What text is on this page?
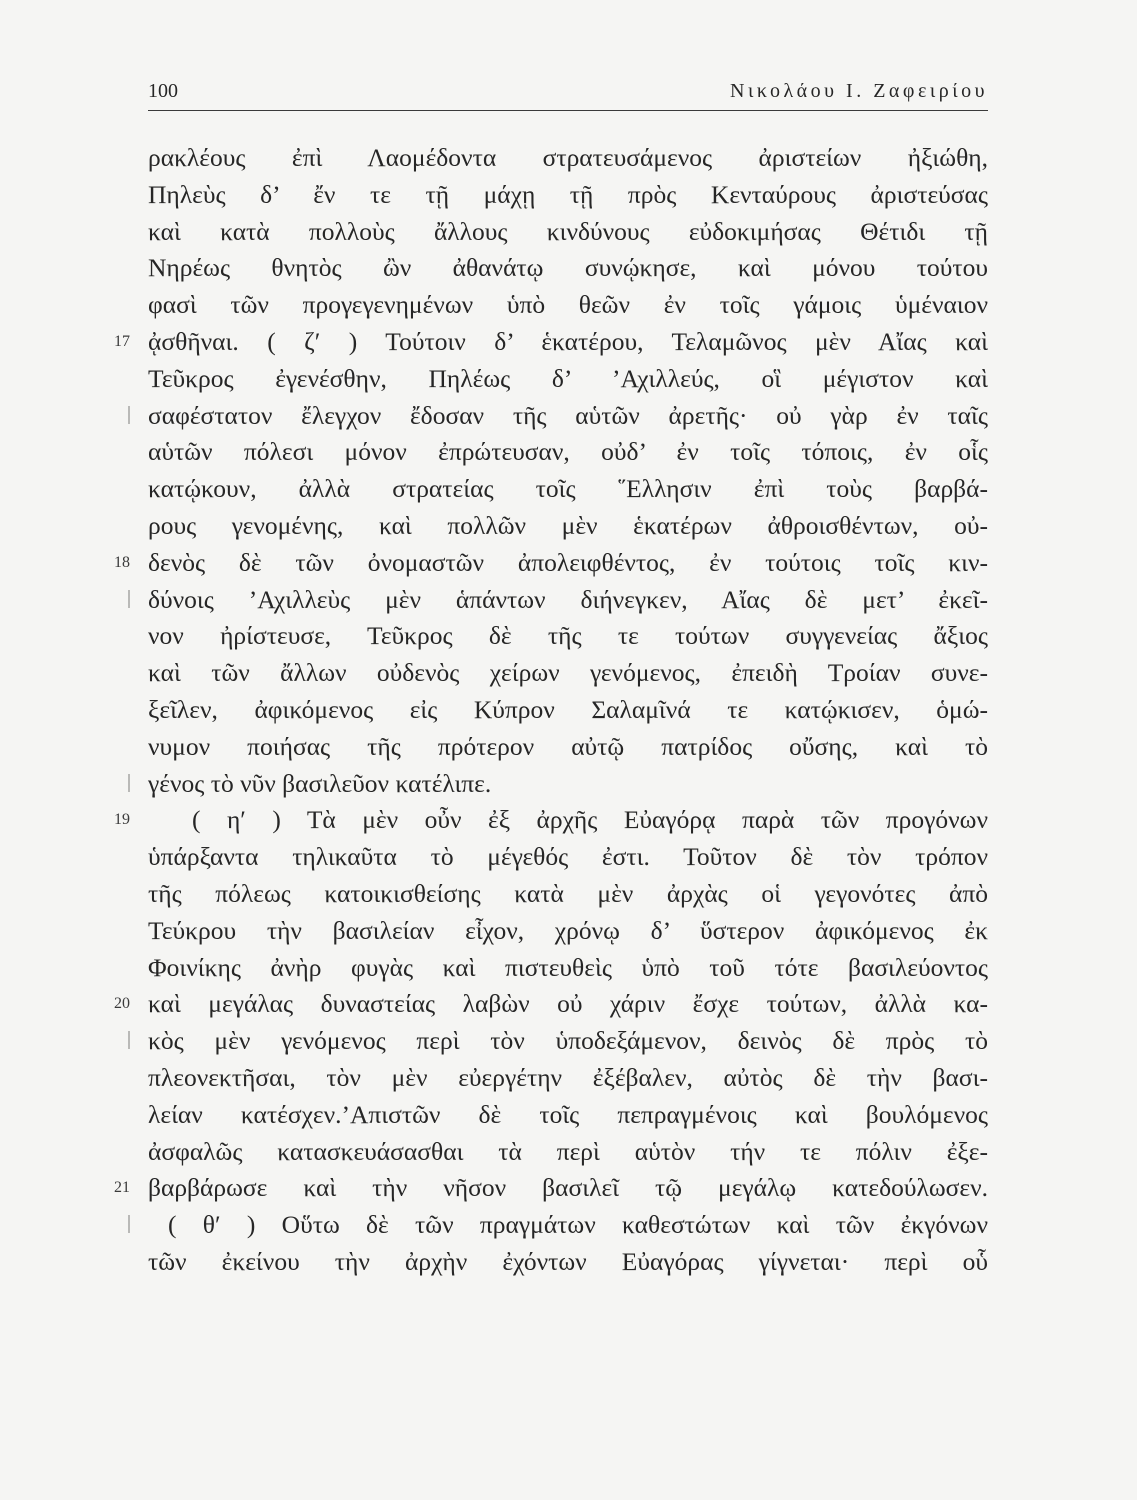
100	Νικολάου Ι. Ζαφειρίου
ρακλέους ἐπὶ Λαομέδοντα στρατευσάμενος ἀριστείων ἠξιώθη,
Πηλεὺς δ’ ἔν τε τῇ μάχῃ τῇ πρὸς Κενταύρους ἀριστεύσας
καὶ κατὰ πολλοὺς ἄλλους κινδύνους εὐδοκιμήσας Θέτιδι τῇ
Νηρέως θνητὸς ὢν ἀθανάτῳ συνῴκησε, καὶ μόνου τούτου
φασὶ τῶν προγεγενημένων ὑπὸ θεῶν ἐν τοῖς γάμοις ὑμέναιον
17 ᾀσθῆναι. ( ζ′ ) Τούτοιν δ’ ἑκατέρου, Τελαμῶνος μὲν Αἴας καὶ
Τεῦκρος ἐγενέσθην, Πηλέως δ’ ’Αχιλλεύς, οἳ μέγιστον καὶ
σαφέστατον ἔλεγχον ἔδοσαν τῆς αὑτῶν ἀρετῆς· οὐ γὰρ ἐν ταῖς
αὑτῶν πόλεσι μόνον ἐπρώτευσαν, οὐδ’ ἐν τοῖς τόποις, ἐν οἷς
κατῴκουν, ἀλλὰ στρατείας τοῖς ῞Ελλησιν ἐπὶ τοὺς βαρβά-
ρους γενομένης, καὶ πολλῶν μὲν ἑκατέρων ἀθροισθέντων, οὐ-
18 δενὸς δὲ τῶν ὀνομαστῶν ἀπολειφθέντος, ἐν τούτοις τοῖς κιν-
δύνοις ’Αχιλλεὺς μὲν ἁπάντων διήνεγκεν, Αἴας δὲ μετ’ ἐκεῖ-
νον ἠρίστευσε, Τεῦκρος δὲ τῆς τε τούτων συγγενείας ἄξιος
καὶ τῶν ἄλλων οὐδενὸς χείρων γενόμενος, ἐπειδὴ Τροίαν συνε-
ξεῖλεν, ἀφικόμενος εἰς Κύπρον Σαλαμῖνά τε κατῴκισεν, ὁμώ-
νυμον ποιήσας τῆς πρότερον αὐτῷ πατρίδος οὔσης, καὶ τὸ
γένος τὸ νῦν βασιλεῦον κατέλιπε.
19 ( η′ ) Τὰ μὲν οὖν ἐξ ἀρχῆς Εὐαγόρᾳ παρὰ τῶν προγόνων
ὑπάρξαντα τηλικαῦτα τὸ μέγεθός ἐστι. Τοῦτον δὲ τὸν τρόπον
τῆς πόλεως κατοικισθείσης κατὰ μὲν ἀρχὰς οἱ γεγονότες ἀπὸ
Τεύκρου τὴν βασιλείαν εἶχον, χρόνῳ δ’ ὕστερον ἀφικόμενος ἐκ
Φοινίκης ἀνὴρ φυγὰς καὶ πιστευθεὶς ὑπὸ τοῦ τότε βασιλεύοντος
20 καὶ μεγάλας δυναστείας λαβὼν οὐ χάριν ἔσχε τούτων, ἀλλὰ κα-
κὸς μὲν γενόμενος περὶ τὸν ὑποδεξάμενον, δεινὸς δὲ πρὸς τὸ
πλεονεκτῆσαι, τὸν μὲν εὐεργέτην ἐξέβαλεν, αὐτὸς δὲ τὴν βασι-
λείαν κατέσχεν.’Απιστῶν δὲ τοῖς πεπραγμένοις καὶ βουλόμενος
ἀσφαλῶς κατασκευάσασθαι τὰ περὶ αὑτὸν τήν τε πόλιν ἐξε-
21 βαρβάρωσε καὶ τὴν νῆσον βασιλεῖ τῷ μεγάλῳ κατεδούλωσεν.
( θ′ ) Οὕτω δὲ τῶν πραγμάτων καθεστώτων καὶ τῶν ἐκγόνων
τῶν ἐκείνου τὴν ἀρχὴν ἐχόντων Εὐαγόρας γίγνεται· περὶ οὗ
